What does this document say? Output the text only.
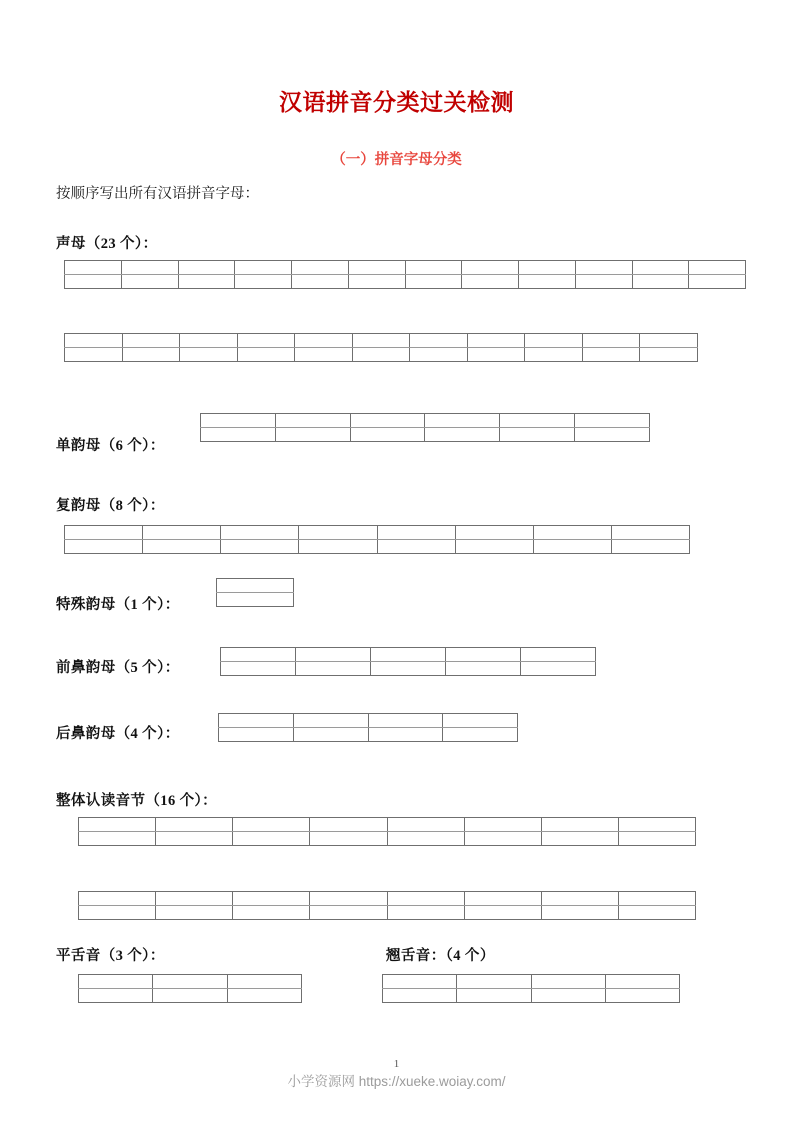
汉语拼音分类过关检测
（一）拼音字母分类
按顺序写出所有汉语拼音字母：
声母（23 个）：

单韵母（6 个）：

复韵母（8 个）：

特殊韵母（1 个）：

前鼻韵母（5 个）：

后鼻韵母（4 个）：

整体认读音节（16 个）：

平舌音（3 个）：

			翘舌音：（4 个）

1
小学资源网 https://xueke.woiay.com/
